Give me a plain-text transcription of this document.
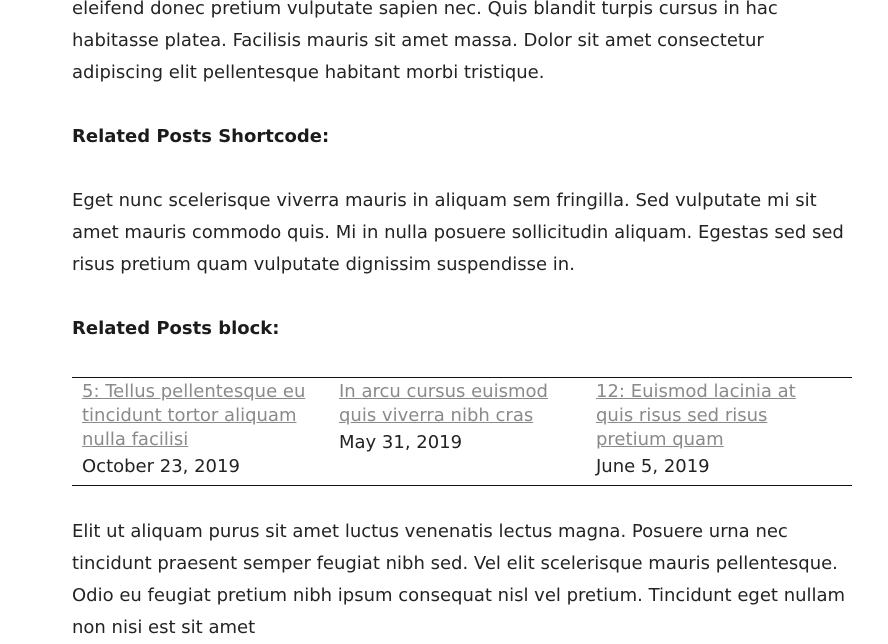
eleifend donec pretium vulputate sapien nec. Quis blandit turpis cursus in hac habitasse platea. Facilisis mauris sit amet massa. Dolor sit amet consectetur adipiscing elit pellentesque habitant morbi tristique.

Related Posts Shortcode:

Eget nunc scelerisque viverra mauris in aliquam sem fringilla. Sed vulputate mi sit amet mauris commodo quis. Mi in nulla posuere sollicitudin aliquam. Egestas sed sed risus pretium quam vulputate dignissim suspendisse in.

Related Posts block:

5: Tellus pellentesque eu tincidunt tortor aliquam nulla facilisi
October 23, 2019
In arcu cursus euismod quis viverra nibh cras
May 31, 2019
12: Euismod lacinia at quis risus sed risus pretium quam
June 5, 2019

Elit ut aliquam purus sit amet luctus venenatis lectus magna. Posuere urna nec tincidunt praesent semper feugiat nibh sed. Vel elit scelerisque mauris pellentesque. Odio eu feugiat pretium nibh ipsum consequat nisl vel pretium. Tincidunt eget nullam non nisi est sit amet
